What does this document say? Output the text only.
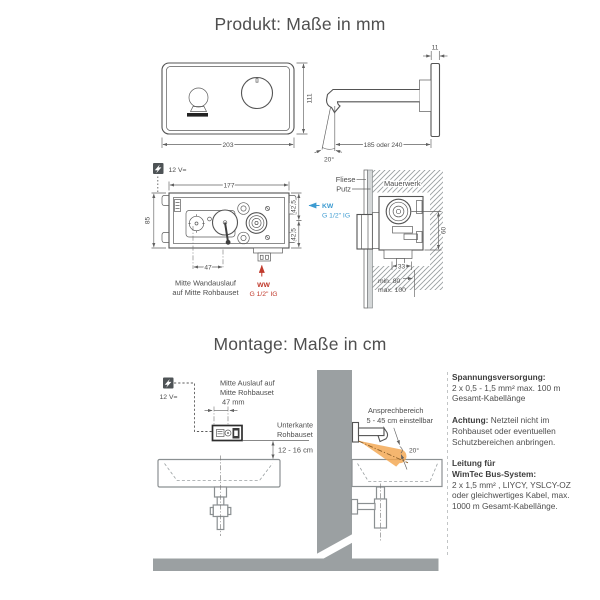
Produkt: Maße in mm
Montage: Maße in cm
203
111
11
185 oder 240
20°
12 V=
177
85
42,5
42,5
KW
G 1/2" IG
WW
G 1/2" IG
47
Mitte Wandauslauf
auf Mitte Rohbauset
Fliese
Putz
Mauerwerk
60
33
min. 80
max. 100
12 V=
Mitte Auslauf auf
Mitte Rohbauset
47 mm
Unterkante
Rohbauset
12 - 16 cm
Ansprechbereich
5 - 45 cm einstellbar
20°
Spannungsversorgung:
2 x 0,5 - 1,5 mm² max. 100 m
Gesamt-Kabellänge
Achtung: Netzteil nicht im
Rohbauset oder eventuellen
Schutzbereichen anbringen.
Leitung für
WimTec Bus-System:
2 x 1,5 mm² , LIYCY, YSLCY-OZ
oder gleichwertiges Kabel, max.
1000 m Gesamt-Kabellänge.
